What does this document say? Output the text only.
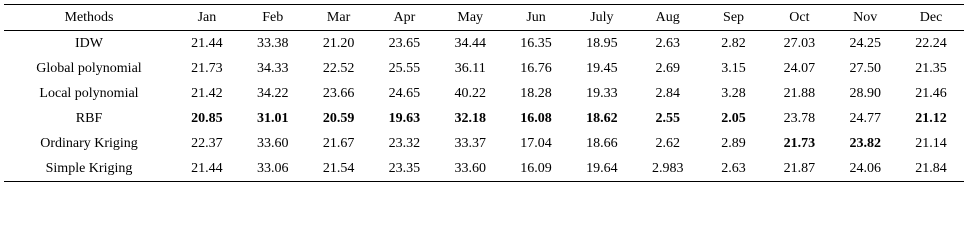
Methods	Jan	Feb	Mar	Apr	May	Jun	July	Aug	Sep	Oct	Nov	Dec
IDW	21.44	33.38	21.20	23.65	34.44	16.35	18.95	2.63	2.82	27.03	24.25	22.24
Global polynomial	21.73	34.33	22.52	25.55	36.11	16.76	19.45	2.69	3.15	24.07	27.50	21.35
Local polynomial	21.42	34.22	23.66	24.65	40.22	18.28	19.33	2.84	3.28	21.88	28.90	21.46
RBF	20.85	31.01	20.59	19.63	32.18	16.08	18.62	2.55	2.05	23.78	24.77	21.12
Ordinary Kriging	22.37	33.60	21.67	23.32	33.37	17.04	18.66	2.62	2.89	21.73	23.82	21.14
Simple Kriging	21.44	33.06	21.54	23.35	33.60	16.09	19.64	2.983	2.63	21.87	24.06	21.84
